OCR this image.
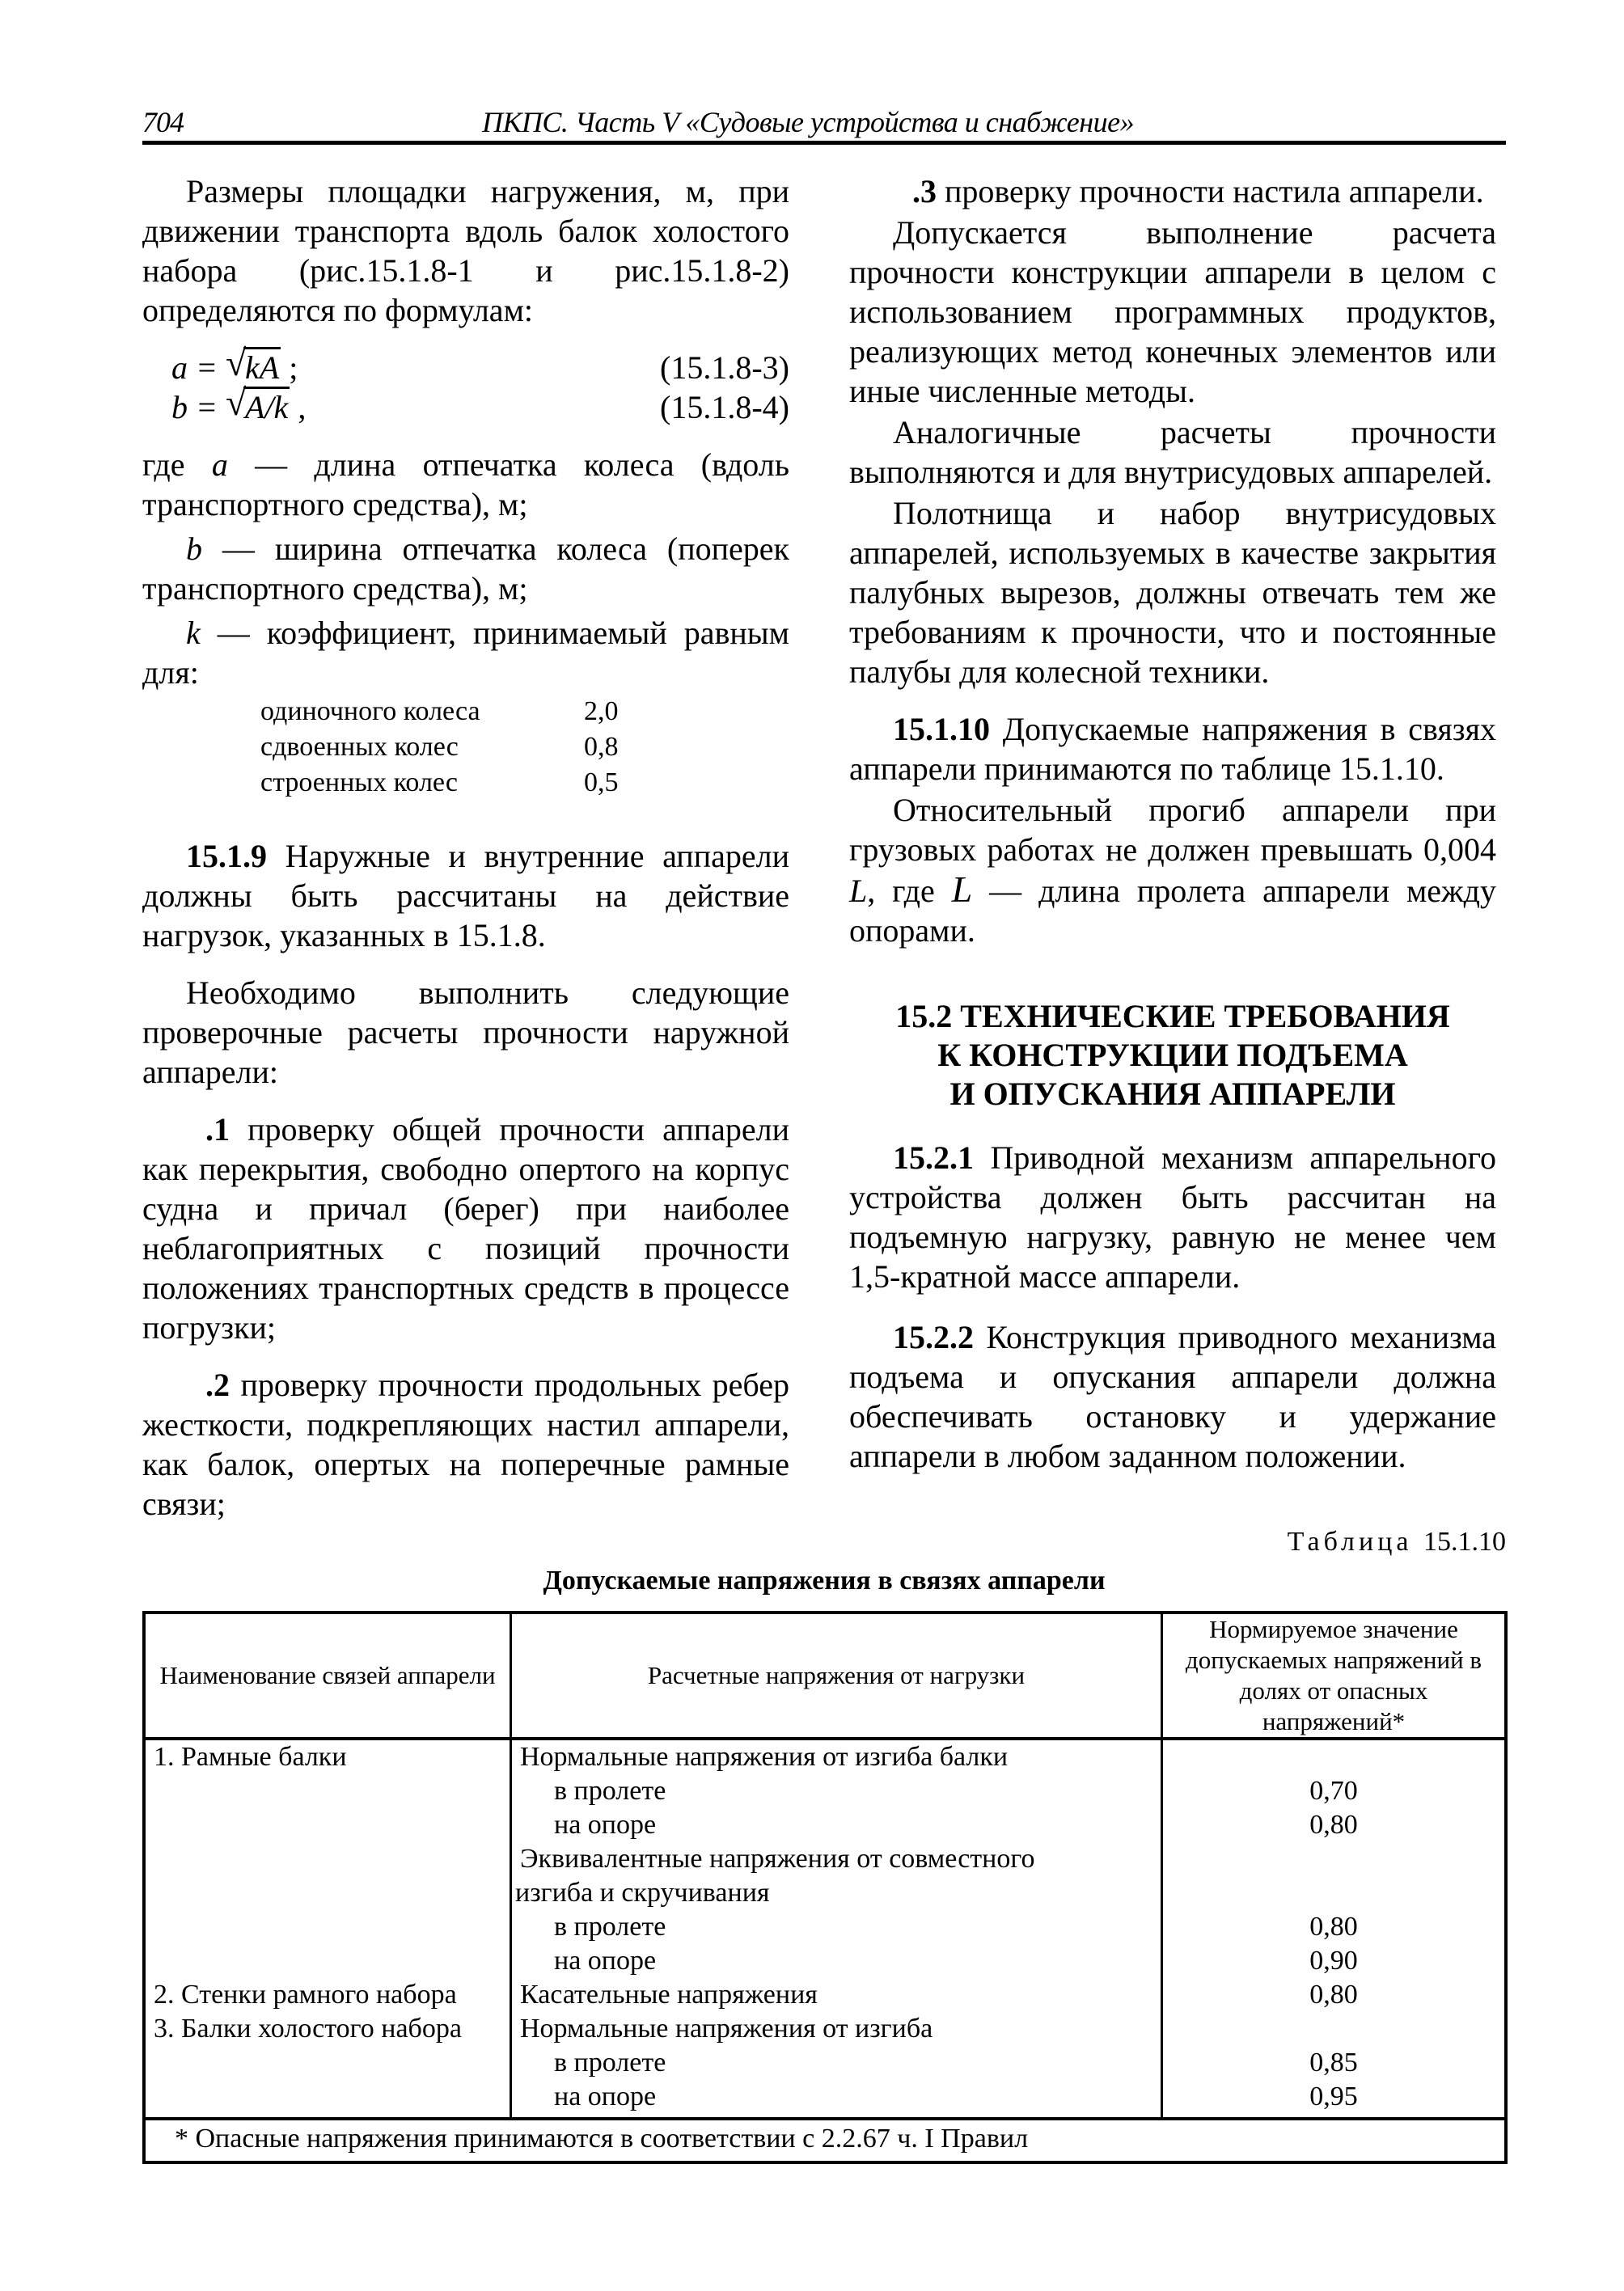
704	ПКПС. Часть V «Судовые устройства и снабжение»

Размеры площадки нагружения, м, при движении транспорта вдоль балок холостого набора (рис.15.1.8-1 и рис.15.1.8-2) определяются по формулам:

a = √
kA ;	(15.1.8-3)
b = √
A/k ,	(15.1.8-4)

где a — длина отпечатка колеса (вдоль транспортного средства), м;

b — ширина отпечатка колеса (поперек транспортного средства), м;

k — коэффициент, принимаемый равным для:

одиночного колеса	2,0
сдвоенных колес	0,8
строенных колес	0,5

15.1.9 Наружные и внутренние аппарели должны быть рассчитаны на действие нагрузок, указанных в 15.1.8.

Необходимо выполнить следующие проверочные расчеты прочности наружной аппарели:

.1 проверку общей прочности аппарели как перекрытия, свободно опертого на корпус судна и причал (берег) при наиболее неблагоприятных с позиций прочности положениях транспортных средств в процессе погрузки;

.2 проверку прочности продольных ребер жесткости, подкрепляющих настил аппарели, как балок, опертых на поперечные рамные связи;

.3 проверку прочности настила аппарели.

Допускается выполнение расчета прочности конструкции аппарели в целом с использованием программных продуктов, реализующих метод конечных элементов или иные численные методы.

Аналогичные расчеты прочности выполняются и для внутрисудовых аппарелей.

Полотнища и набор внутрисудовых аппарелей, используемых в качестве закрытия палубных вырезов, должны отвечать тем же требованиям к прочности, что и постоянные палубы для колесной техники.

15.1.10 Допускаемые напряжения в связях аппарели принимаются по таблице 15.1.10.

Относительный прогиб аппарели при грузовых работах не должен превышать 0,004 L, где L — длина пролета аппарели между опорами.

15.2 ТЕХНИЧЕСКИЕ ТРЕБОВАНИЯ
К КОНСТРУКЦИИ ПОДЪЕМА
И ОПУСКАНИЯ АППАРЕЛИ

15.2.1 Приводной механизм аппарельного устройства должен быть рассчитан на подъемную нагрузку, равную не менее чем 1,5-кратной массе аппарели.

15.2.2 Конструкция приводного механизма подъема и опускания аппарели должна обеспечивать остановку и удержание аппарели в любом заданном положении.

Таблица 15.1.10
Допускаемые напряжения в связях аппарели
Наименование связей аппарели	Расчетные напряжения от нагрузки	Нормируемое значение допускаемых напряжений в долях от опасных напряжений*
1. Рамные балки	Нормальные напряжения от изгиба балки	
	в пролете	0,70
	на опоре	0,80
	Эквивалентные напряжения от совместного	
	изгиба и скручивания	
	в пролете	0,80
	на опоре	0,90
2. Стенки рамного набора	Касательные напряжения	0,80
3. Балки холостого набора	Нормальные напряжения от изгиба	
	в пролете	0,85
	на опоре	0,95
* Опасные напряжения принимаются в соответствии с 2.2.67 ч. I Правил		
